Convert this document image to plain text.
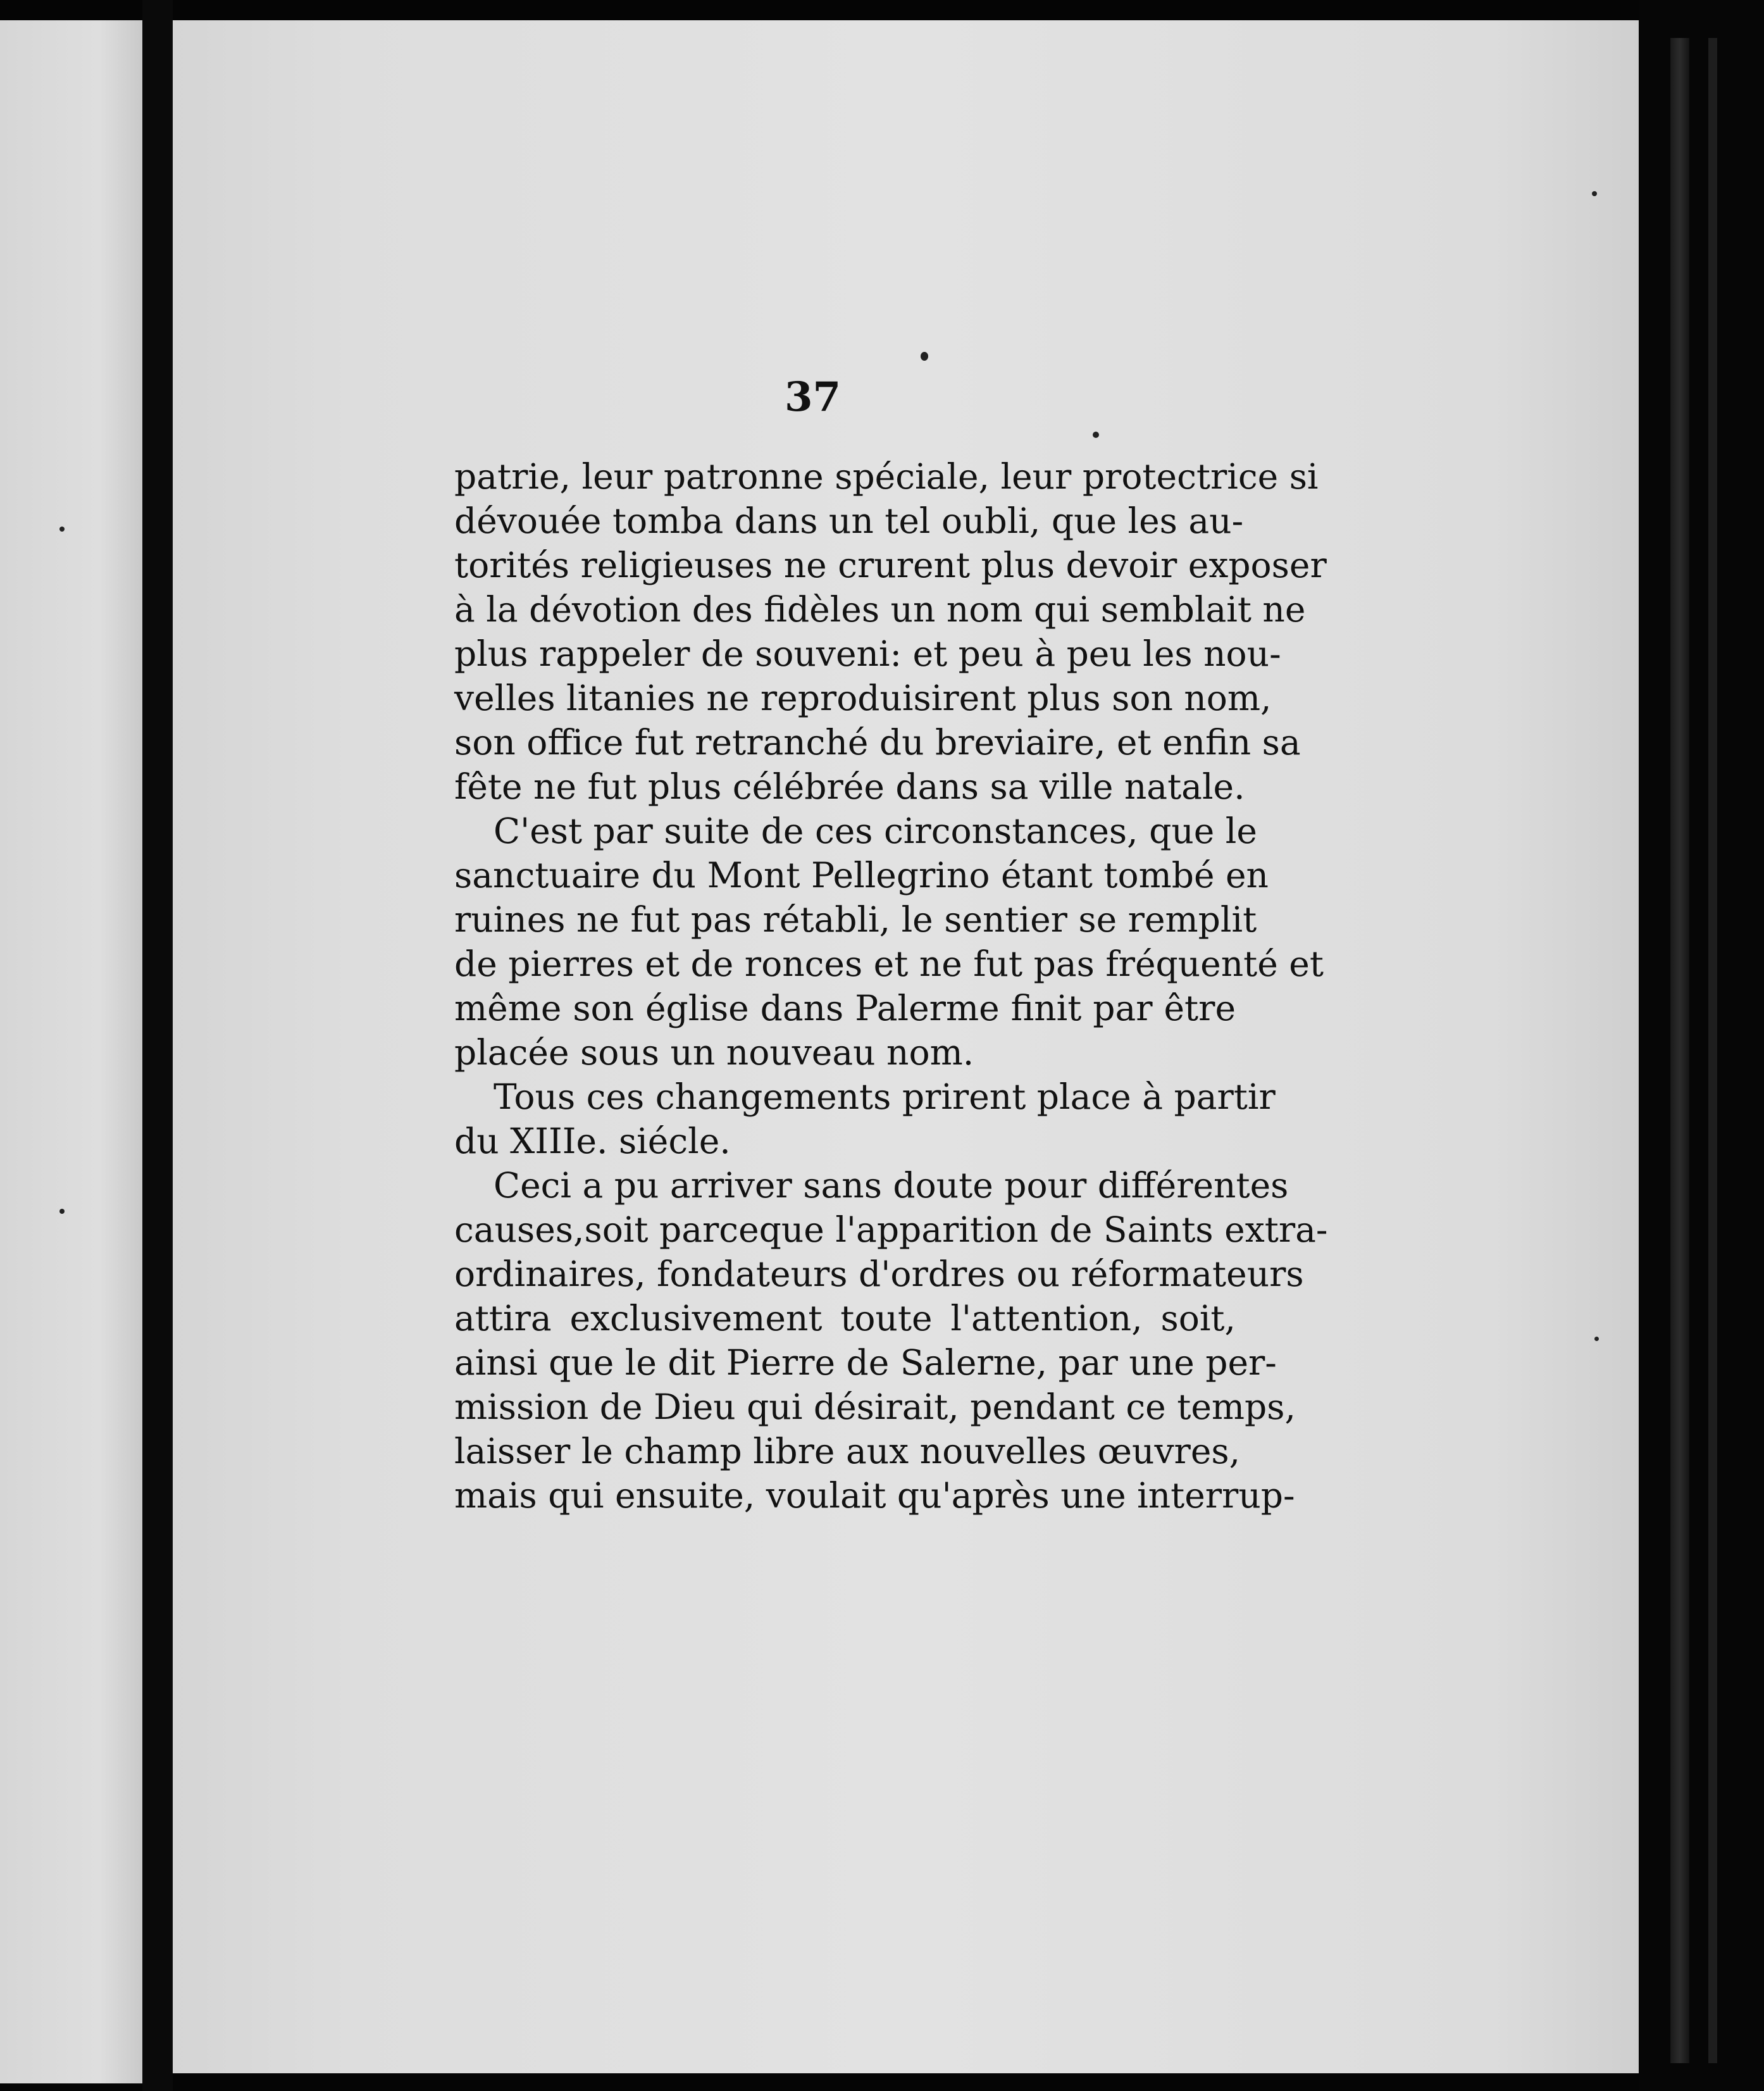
37
patrie, leur patronne spéciale, leur protectrice si
dévouée tomba dans un tel oubli, que les au-
torités religieuses ne crurent plus devoir exposer
à la dévotion des fidèles un nom qui semblait ne
plus rappeler de souveni: et peu à peu les nou-
velles litanies ne reproduisirent plus son nom,
son office fut retranché du breviaire, et enfin sa
fête ne fut plus célébrée dans sa ville natale.
C'est par suite de ces circonstances, que le
sanctuaire du Mont Pellegrino étant tombé en
ruines ne fut pas rétabli, le sentier se remplit
de pierres et de ronces et ne fut pas fréquenté et
même son église dans Palerme finit par être
placée sous un nouveau nom.
Tous ces changements prirent place à partir
du XIIIe. siécle.
Ceci a pu arriver sans doute pour différentes
causes,soit parceque l'apparition de Saints extra-
ordinaires, fondateurs d'ordres ou réformateurs
attira exclusivement toute l'attention, soit,
ainsi que le dit Pierre de Salerne, par une per-
mission de Dieu qui désirait, pendant ce temps,
laisser le champ libre aux nouvelles œuvres,
mais qui ensuite, voulait qu'après une interrup-
